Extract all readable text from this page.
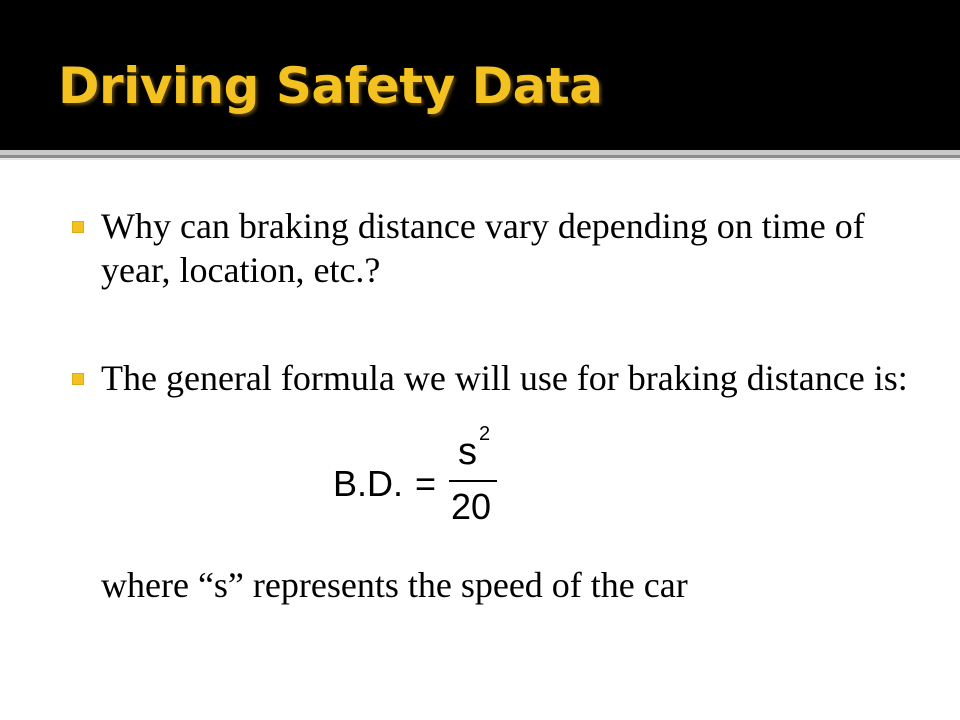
Driving Safety Data
Why can braking distance vary depending on time of year, location, etc.?
The general formula we will use for braking distance is:
B.D. =
s 2
20
where “s” represents the speed of the car
